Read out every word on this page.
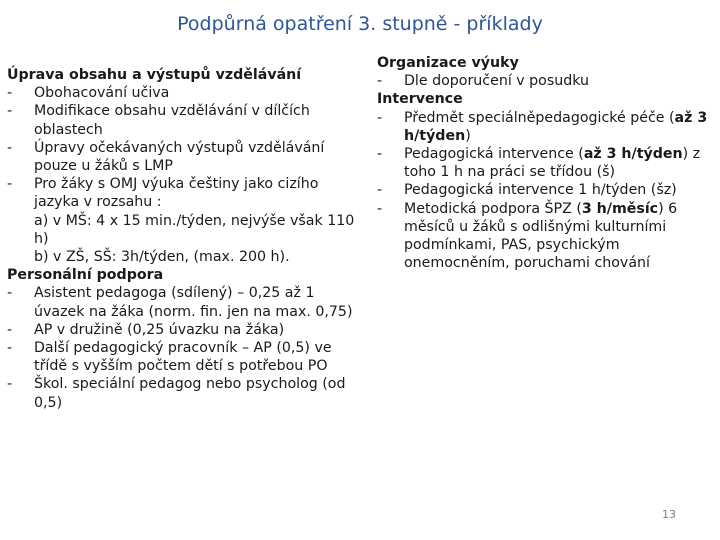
Podpůrná opatření 3. stupně - příklady
Úprava obsahu a výstupů vzdělávání
- Obohacování učiva
- Modifikace obsahu vzdělávání v dílčích
oblastech
- Úpravy očekávaných výstupů vzdělávání
pouze u žáků s LMP
- Pro žáky s OMJ výuka češtiny jako cizího
jazyka v rozsahu :
a) v MŠ: 4 x 15 min./týden, nejvýše však 110
h)
b) v ZŠ, SŠ: 3h/týden, (max. 200 h).
Personální podpora
- Asistent pedagoga (sdílený) – 0,25 až 1
úvazek na žáka (norm. fin. jen na max. 0,75)
- AP v družině (0,25 úvazku na žáka)
- Další pedagogický pracovník – AP (0,5) ve
třídě s vyšším počtem dětí s potřebou PO
- Škol. speciální pedagog nebo psycholog (od
0,5)
Organizace výuky
- Dle doporučení v posudku
Intervence
- Předmět speciálněpedagogické péče (až 3
h/týden)
- Pedagogická intervence (až 3 h/týden) z
toho 1 h na práci se třídou (š)
- Pedagogická intervence 1 h/týden (šz)
- Metodická podpora ŠPZ (3 h/měsíc) 6
měsíců u žáků s odlišnými kulturními
podmínkami, PAS, psychickým
onemocněním, poruchami chování
13
